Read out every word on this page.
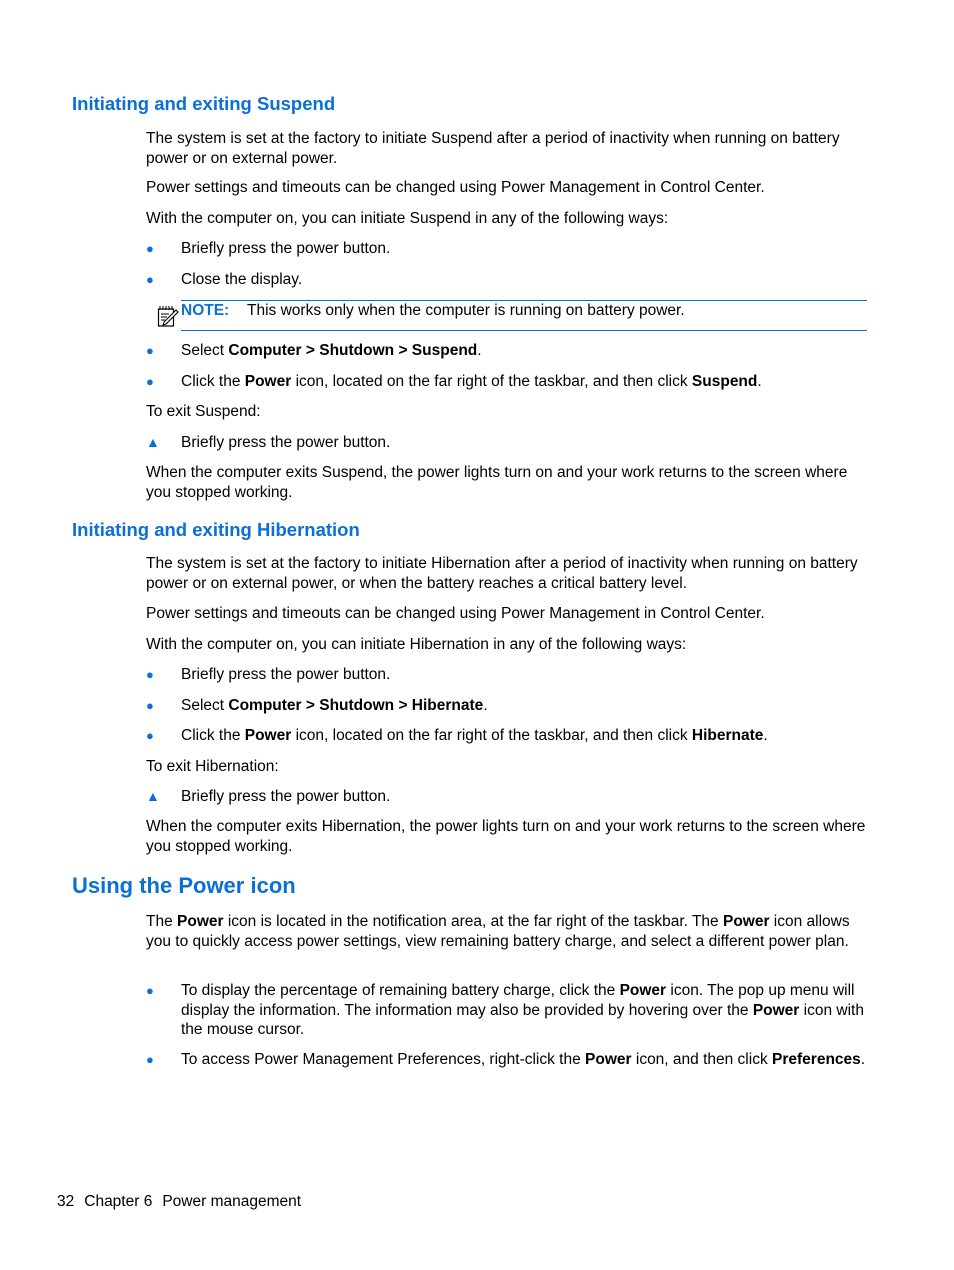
Initiating and exiting Suspend

The system is set at the factory to initiate Suspend after a period of inactivity when running on battery power or on external power.

Power settings and timeouts can be changed using Power Management in Control Center.

With the computer on, you can initiate Suspend in any of the following ways:

● Briefly press the power button.
● Close the display.
NOTE: This works only when the computer is running on battery power.
● Select Computer > Shutdown > Suspend.
● Click the Power icon, located on the far right of the taskbar, and then click Suspend.

To exit Suspend:

▲ Briefly press the power button.

When the computer exits Suspend, the power lights turn on and your work returns to the screen where you stopped working.

Initiating and exiting Hibernation

The system is set at the factory to initiate Hibernation after a period of inactivity when running on battery power or on external power, or when the battery reaches a critical battery level.

Power settings and timeouts can be changed using Power Management in Control Center.

With the computer on, you can initiate Hibernation in any of the following ways:

● Briefly press the power button.
● Select Computer > Shutdown > Hibernate.
● Click the Power icon, located on the far right of the taskbar, and then click Hibernate.

To exit Hibernation:

▲ Briefly press the power button.

When the computer exits Hibernation, the power lights turn on and your work returns to the screen where you stopped working.

Using the Power icon

The Power icon is located in the notification area, at the far right of the taskbar. The Power icon allows you to quickly access power settings, view remaining battery charge, and select a different power plan.

● To display the percentage of remaining battery charge, click the Power icon. The pop up menu will display the information. The information may also be provided by hovering over the Power icon with the mouse cursor.
● To access Power Management Preferences, right-click the Power icon, and then click Preferences.
32 Chapter 6 Power management
